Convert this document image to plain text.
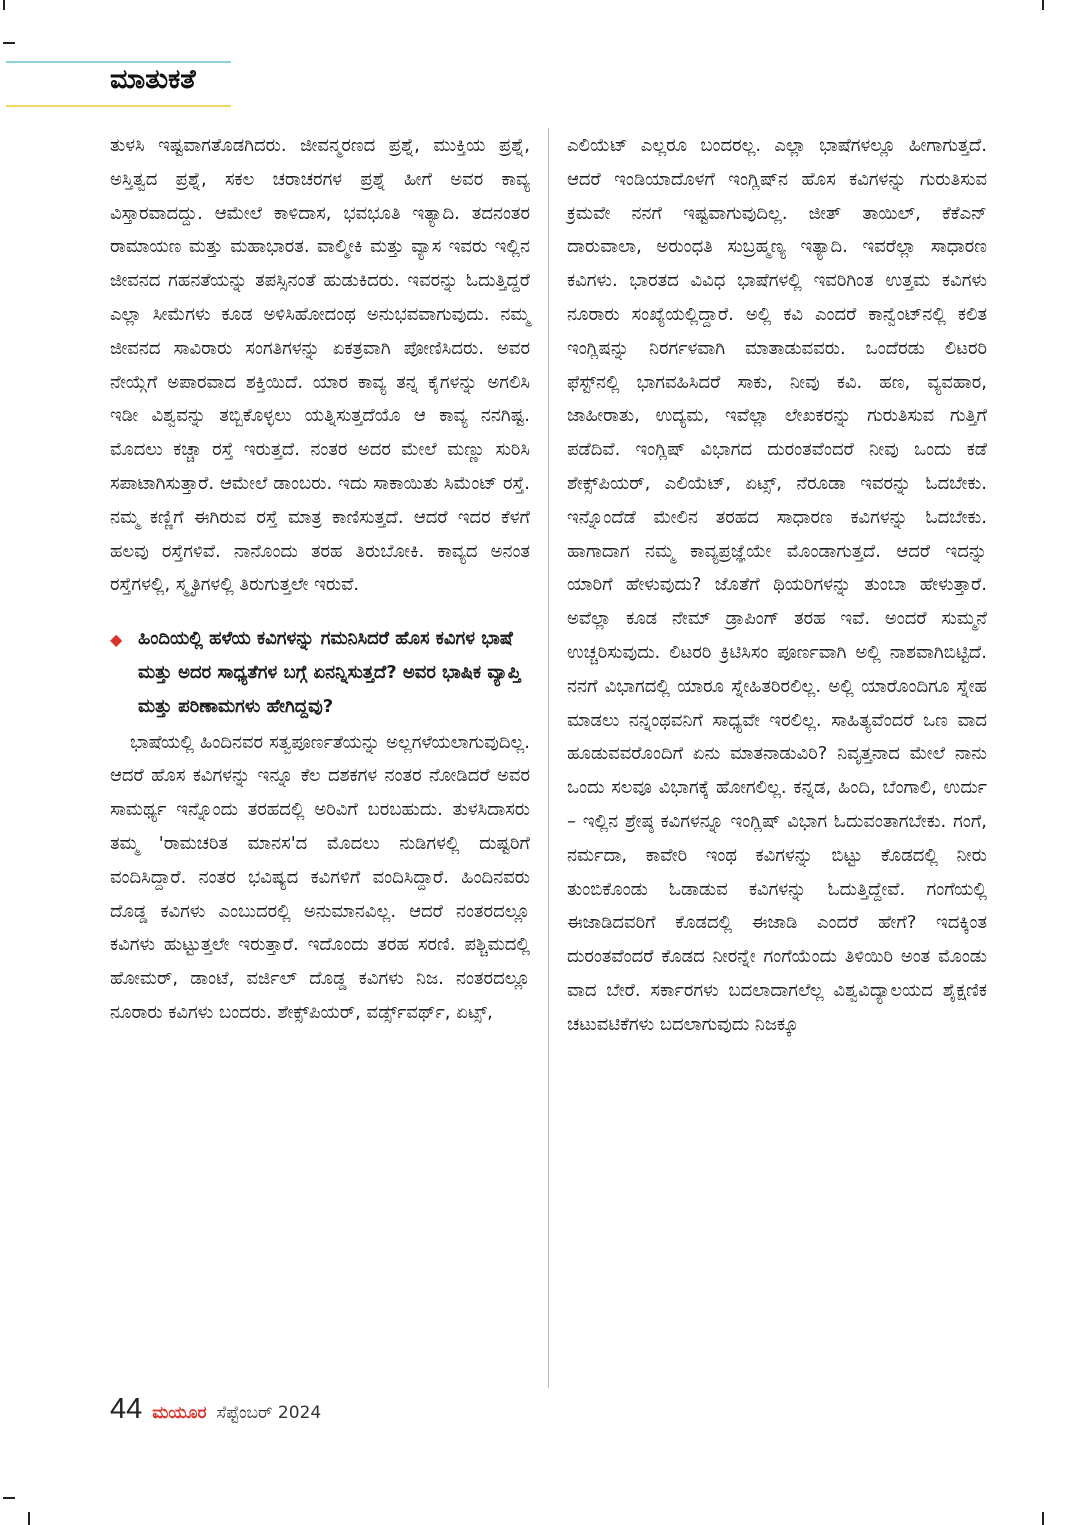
ಮಾತುಕತೆ

ತುಳಸಿ ಇಷ್ಟವಾಗತೊಡಗಿದರು. ಜೀವನ್ಮರಣದ ಪ್ರಶ್ನೆ, ಮುಕ್ತಿಯ ಪ್ರಶ್ನೆ, ಅಸ್ತಿತ್ವದ ಪ್ರಶ್ನೆ, ಸಕಲ ಚರಾಚರಗಳ ಪ್ರಶ್ನೆ ಹೀಗೆ ಅವರ ಕಾವ್ಯ ವಿಸ್ತಾರವಾದದ್ದು. ಆಮೇಲೆ ಕಾಳಿದಾಸ, ಭವಭೂತಿ ಇತ್ಯಾದಿ. ತದನಂತರ ರಾಮಾಯಣ ಮತ್ತು ಮಹಾಭಾರತ. ವಾಲ್ಮೀಕಿ ಮತ್ತು ವ್ಯಾಸ ಇವರು ಇಲ್ಲಿನ ಜೀವನದ ಗಹನತೆಯನ್ನು ತಪಸ್ಸಿನಂತೆ ಹುಡುಕಿದರು. ಇವರನ್ನು ಓದುತ್ತಿದ್ದರೆ ಎಲ್ಲಾ ಸೀಮೆಗಳು ಕೂಡ ಅಳಿಸಿಹೋದಂಥ ಅನುಭವವಾಗುವುದು. ನಮ್ಮ ಜೀವನದ ಸಾವಿರಾರು ಸಂಗತಿಗಳನ್ನು ಏಕತ್ರವಾಗಿ ಪೋಣಿಸಿದರು. ಅವರ ನೇಯ್ಗೆಗೆ ಅಪಾರವಾದ ಶಕ್ತಿಯಿದೆ. ಯಾರ ಕಾವ್ಯ ತನ್ನ ಕೈಗಳನ್ನು ಅಗಲಿಸಿ ಇಡೀ ವಿಶ್ವವನ್ನು ತಬ್ಬಿಕೊಳ್ಳಲು ಯತ್ನಿಸುತ್ತದೆಯೊ ಆ ಕಾವ್ಯ ನನಗಿಷ್ಟ. ಮೊದಲು ಕಚ್ಚಾ ರಸ್ತೆ ಇರುತ್ತದೆ. ನಂತರ ಅದರ ಮೇಲೆ ಮಣ್ಣು ಸುರಿಸಿ ಸಪಾಟಾಗಿಸುತ್ತಾರೆ. ಆಮೇಲೆ ಡಾಂಬರು. ಇದು ಸಾಕಾಯಿತು ಸಿಮೆಂಟ್ ರಸ್ತೆ. ನಮ್ಮ ಕಣ್ಣಿಗೆ ಈಗಿರುವ ರಸ್ತೆ ಮಾತ್ರ ಕಾಣಿಸುತ್ತದೆ. ಆದರೆ ಇದರ ಕೆಳಗೆ ಹಲವು ರಸ್ತೆಗಳಿವೆ. ನಾನೊಂದು ತರಹ ತಿರುಬೋಕಿ. ಕಾವ್ಯದ ಅನಂತ ರಸ್ತೆಗಳಲ್ಲಿ, ಸ್ಮೃತಿಗಳಲ್ಲಿ ತಿರುಗುತ್ತಲೇ ಇರುವೆ.

◆ ಹಿಂದಿಯಲ್ಲಿ ಹಳೆಯ ಕವಿಗಳನ್ನು ಗಮನಿಸಿದರೆ ಹೊಸ ಕವಿಗಳ ಭಾಷೆ ಮತ್ತು ಅದರ ಸಾಧ್ಯತೆಗಳ ಬಗ್ಗೆ ಏನನ್ನಿಸುತ್ತದೆ? ಅವರ ಭಾಷಿಕ ವ್ಯಾಪ್ತಿ ಮತ್ತು ಪರಿಣಾಮಗಳು ಹೇಗಿದ್ದವು?

ಭಾಷೆಯಲ್ಲಿ ಹಿಂದಿನವರ ಸತ್ವಪೂರ್ಣತೆಯನ್ನು ಅಲ್ಲಗಳೆಯಲಾಗುವುದಿಲ್ಲ. ಆದರೆ ಹೊಸ ಕವಿಗಳನ್ನು ಇನ್ನೂ ಕೆಲ ದಶಕಗಳ ನಂತರ ನೋಡಿದರೆ ಅವರ ಸಾಮರ್ಥ್ಯ ಇನ್ನೊಂದು ತರಹದಲ್ಲಿ ಅರಿವಿಗೆ ಬರಬಹುದು. ತುಳಸಿದಾಸರು ತಮ್ಮ 'ರಾಮಚರಿತ ಮಾನಸ'ದ ಮೊದಲು ನುಡಿಗಳಲ್ಲಿ ದುಷ್ಟರಿಗೆ ವಂದಿಸಿದ್ದಾರೆ. ನಂತರ ಭವಿಷ್ಯದ ಕವಿಗಳಿಗೆ ವಂದಿಸಿದ್ದಾರೆ. ಹಿಂದಿನವರು ದೊಡ್ಡ ಕವಿಗಳು ಎಂಬುದರಲ್ಲಿ ಅನುಮಾನವಿಲ್ಲ. ಆದರೆ ನಂತರದಲ್ಲೂ ಕವಿಗಳು ಹುಟ್ಟುತ್ತಲೇ ಇರುತ್ತಾರೆ. ಇದೊಂದು ತರಹ ಸರಣಿ. ಪಶ್ಚಿಮದಲ್ಲಿ ಹೋಮರ್, ಡಾಂಟೆ, ವರ್ಜಿಲ್ ದೊಡ್ಡ ಕವಿಗಳು ನಿಜ. ನಂತರದಲ್ಲೂ ನೂರಾರು ಕವಿಗಳು ಬಂದರು. ಶೇಕ್ಸ್‌ಪಿಯರ್, ವರ್ಡ್ಸ್‌ವರ್ಥ್, ಏಟ್ಸ್,

ಎಲಿಯೆಟ್ ಎಲ್ಲರೂ ಬಂದರಲ್ಲ. ಎಲ್ಲಾ ಭಾಷೆಗಳಲ್ಲೂ ಹೀಗಾಗುತ್ತದೆ. ಆದರೆ ಇಂಡಿಯಾದೊಳಗೆ ಇಂಗ್ಲಿಷ್‌ನ ಹೊಸ ಕವಿಗಳನ್ನು ಗುರುತಿಸುವ ಕ್ರಮವೇ ನನಗೆ ಇಷ್ಟವಾಗುವುದಿಲ್ಲ. ಜೀತ್ ತಾಯಿಲ್, ಕೆಕೆಎನ್ ದಾರುವಾಲಾ, ಅರುಂಧತಿ ಸುಬ್ರಹ್ಮಣ್ಯ ಇತ್ಯಾದಿ. ಇವರೆಲ್ಲಾ ಸಾಧಾರಣ ಕವಿಗಳು. ಭಾರತದ ವಿವಿಧ ಭಾಷೆಗಳಲ್ಲಿ ಇವರಿಗಿಂತ ಉತ್ತಮ ಕವಿಗಳು ನೂರಾರು ಸಂಖ್ಯೆಯಲ್ಲಿದ್ದಾರೆ. ಅಲ್ಲಿ ಕವಿ ಎಂದರೆ ಕಾನ್ವೆಂಟ್‌ನಲ್ಲಿ ಕಲಿತ ಇಂಗ್ಲಿಷನ್ನು ನಿರರ್ಗಳವಾಗಿ ಮಾತಾಡುವವರು. ಒಂದೆರಡು ಲಿಟರರಿ ಫೆಸ್ಟ್‌ನಲ್ಲಿ ಭಾಗವಹಿಸಿದರೆ ಸಾಕು, ನೀವು ಕವಿ. ಹಣ, ವ್ಯವಹಾರ, ಜಾಹೀರಾತು, ಉದ್ಯಮ, ಇವೆಲ್ಲಾ ಲೇಖಕರನ್ನು ಗುರುತಿಸುವ ಗುತ್ತಿಗೆ ಪಡೆದಿವೆ. ಇಂಗ್ಲಿಷ್ ವಿಭಾಗದ ದುರಂತವೆಂದರೆ ನೀವು ಒಂದು ಕಡೆ ಶೇಕ್ಸ್‌ಪಿಯರ್, ಎಲಿಯೆಟ್, ಏಟ್ಸ್, ನೆರೂಡಾ ಇವರನ್ನು ಓದಬೇಕು. ಇನ್ನೊಂದೆಡೆ ಮೇಲಿನ ತರಹದ ಸಾಧಾರಣ ಕವಿಗಳನ್ನು ಓದಬೇಕು. ಹಾಗಾದಾಗ ನಮ್ಮ ಕಾವ್ಯಪ್ರಜ್ಞೆಯೇ ಮೊಂಡಾಗುತ್ತದೆ. ಆದರೆ ಇದನ್ನು ಯಾರಿಗೆ ಹೇಳುವುದು? ಜೊತೆಗೆ ಥಿಯರಿಗಳನ್ನು ತುಂಬಾ ಹೇಳುತ್ತಾರೆ. ಅವೆಲ್ಲಾ ಕೂಡ ನೇಮ್ ಡ್ರಾಪಿಂಗ್ ತರಹ ಇವೆ. ಅಂದರೆ ಸುಮ್ಮನೆ ಉಚ್ಚರಿಸುವುದು. ಲಿಟರರಿ ಕ್ರಿಟಿಸಿಸಂ ಪೂರ್ಣವಾಗಿ ಅಲ್ಲಿ ನಾಶವಾಗಿಬಿಟ್ಟಿದೆ. ನನಗೆ ವಿಭಾಗದಲ್ಲಿ ಯಾರೂ ಸ್ನೇಹಿತರಿರಲಿಲ್ಲ. ಅಲ್ಲಿ ಯಾರೊಂದಿಗೂ ಸ್ನೇಹ ಮಾಡಲು ನನ್ನಂಥವನಿಗೆ ಸಾಧ್ಯವೇ ಇರಲಿಲ್ಲ. ಸಾಹಿತ್ಯವೆಂದರೆ ಒಣ ವಾದ ಹೂಡುವವರೊಂದಿಗೆ ಏನು ಮಾತನಾಡುವಿರಿ? ನಿವೃತ್ತನಾದ ಮೇಲೆ ನಾನು ಒಂದು ಸಲವೂ ವಿಭಾಗಕ್ಕೆ ಹೋಗಲಿಲ್ಲ. ಕನ್ನಡ, ಹಿಂದಿ, ಬೆಂಗಾಲಿ, ಉರ್ದು – ಇಲ್ಲಿನ ಶ್ರೇಷ್ಠ ಕವಿಗಳನ್ನೂ ಇಂಗ್ಲಿಷ್ ವಿಭಾಗ ಓದುವಂತಾಗಬೇಕು. ಗಂಗೆ, ನರ್ಮದಾ, ಕಾವೇರಿ ಇಂಥ ಕವಿಗಳನ್ನು ಬಿಟ್ಟು ಕೊಡದಲ್ಲಿ ನೀರು ತುಂಬಿಕೊಂಡು ಓಡಾಡುವ ಕವಿಗಳನ್ನು ಓದುತ್ತಿದ್ದೇವೆ. ಗಂಗೆಯಲ್ಲಿ ಈಜಾಡಿದವರಿಗೆ ಕೊಡದಲ್ಲಿ ಈಜಾಡಿ ಎಂದರೆ ಹೇಗೆ? ಇದಕ್ಕಿಂತ ದುರಂತವೆಂದರೆ ಕೊಡದ ನೀರನ್ನೇ ಗಂಗೆಯೆಂದು ತಿಳಿಯಿರಿ ಅಂತ ಮೊಂಡು ವಾದ ಬೇರೆ. ಸರ್ಕಾರಗಳು ಬದಲಾದಾಗಲೆಲ್ಲ ವಿಶ್ವವಿದ್ಯಾಲಯದ ಶೈಕ್ಷಣಿಕ ಚಟುವಟಿಕೆಗಳು ಬದಲಾಗುವುದು ನಿಜಕ್ಕೂ

44 ಮಯೂರ ಸೆಪ್ಟೆಂಬರ್ 2024
